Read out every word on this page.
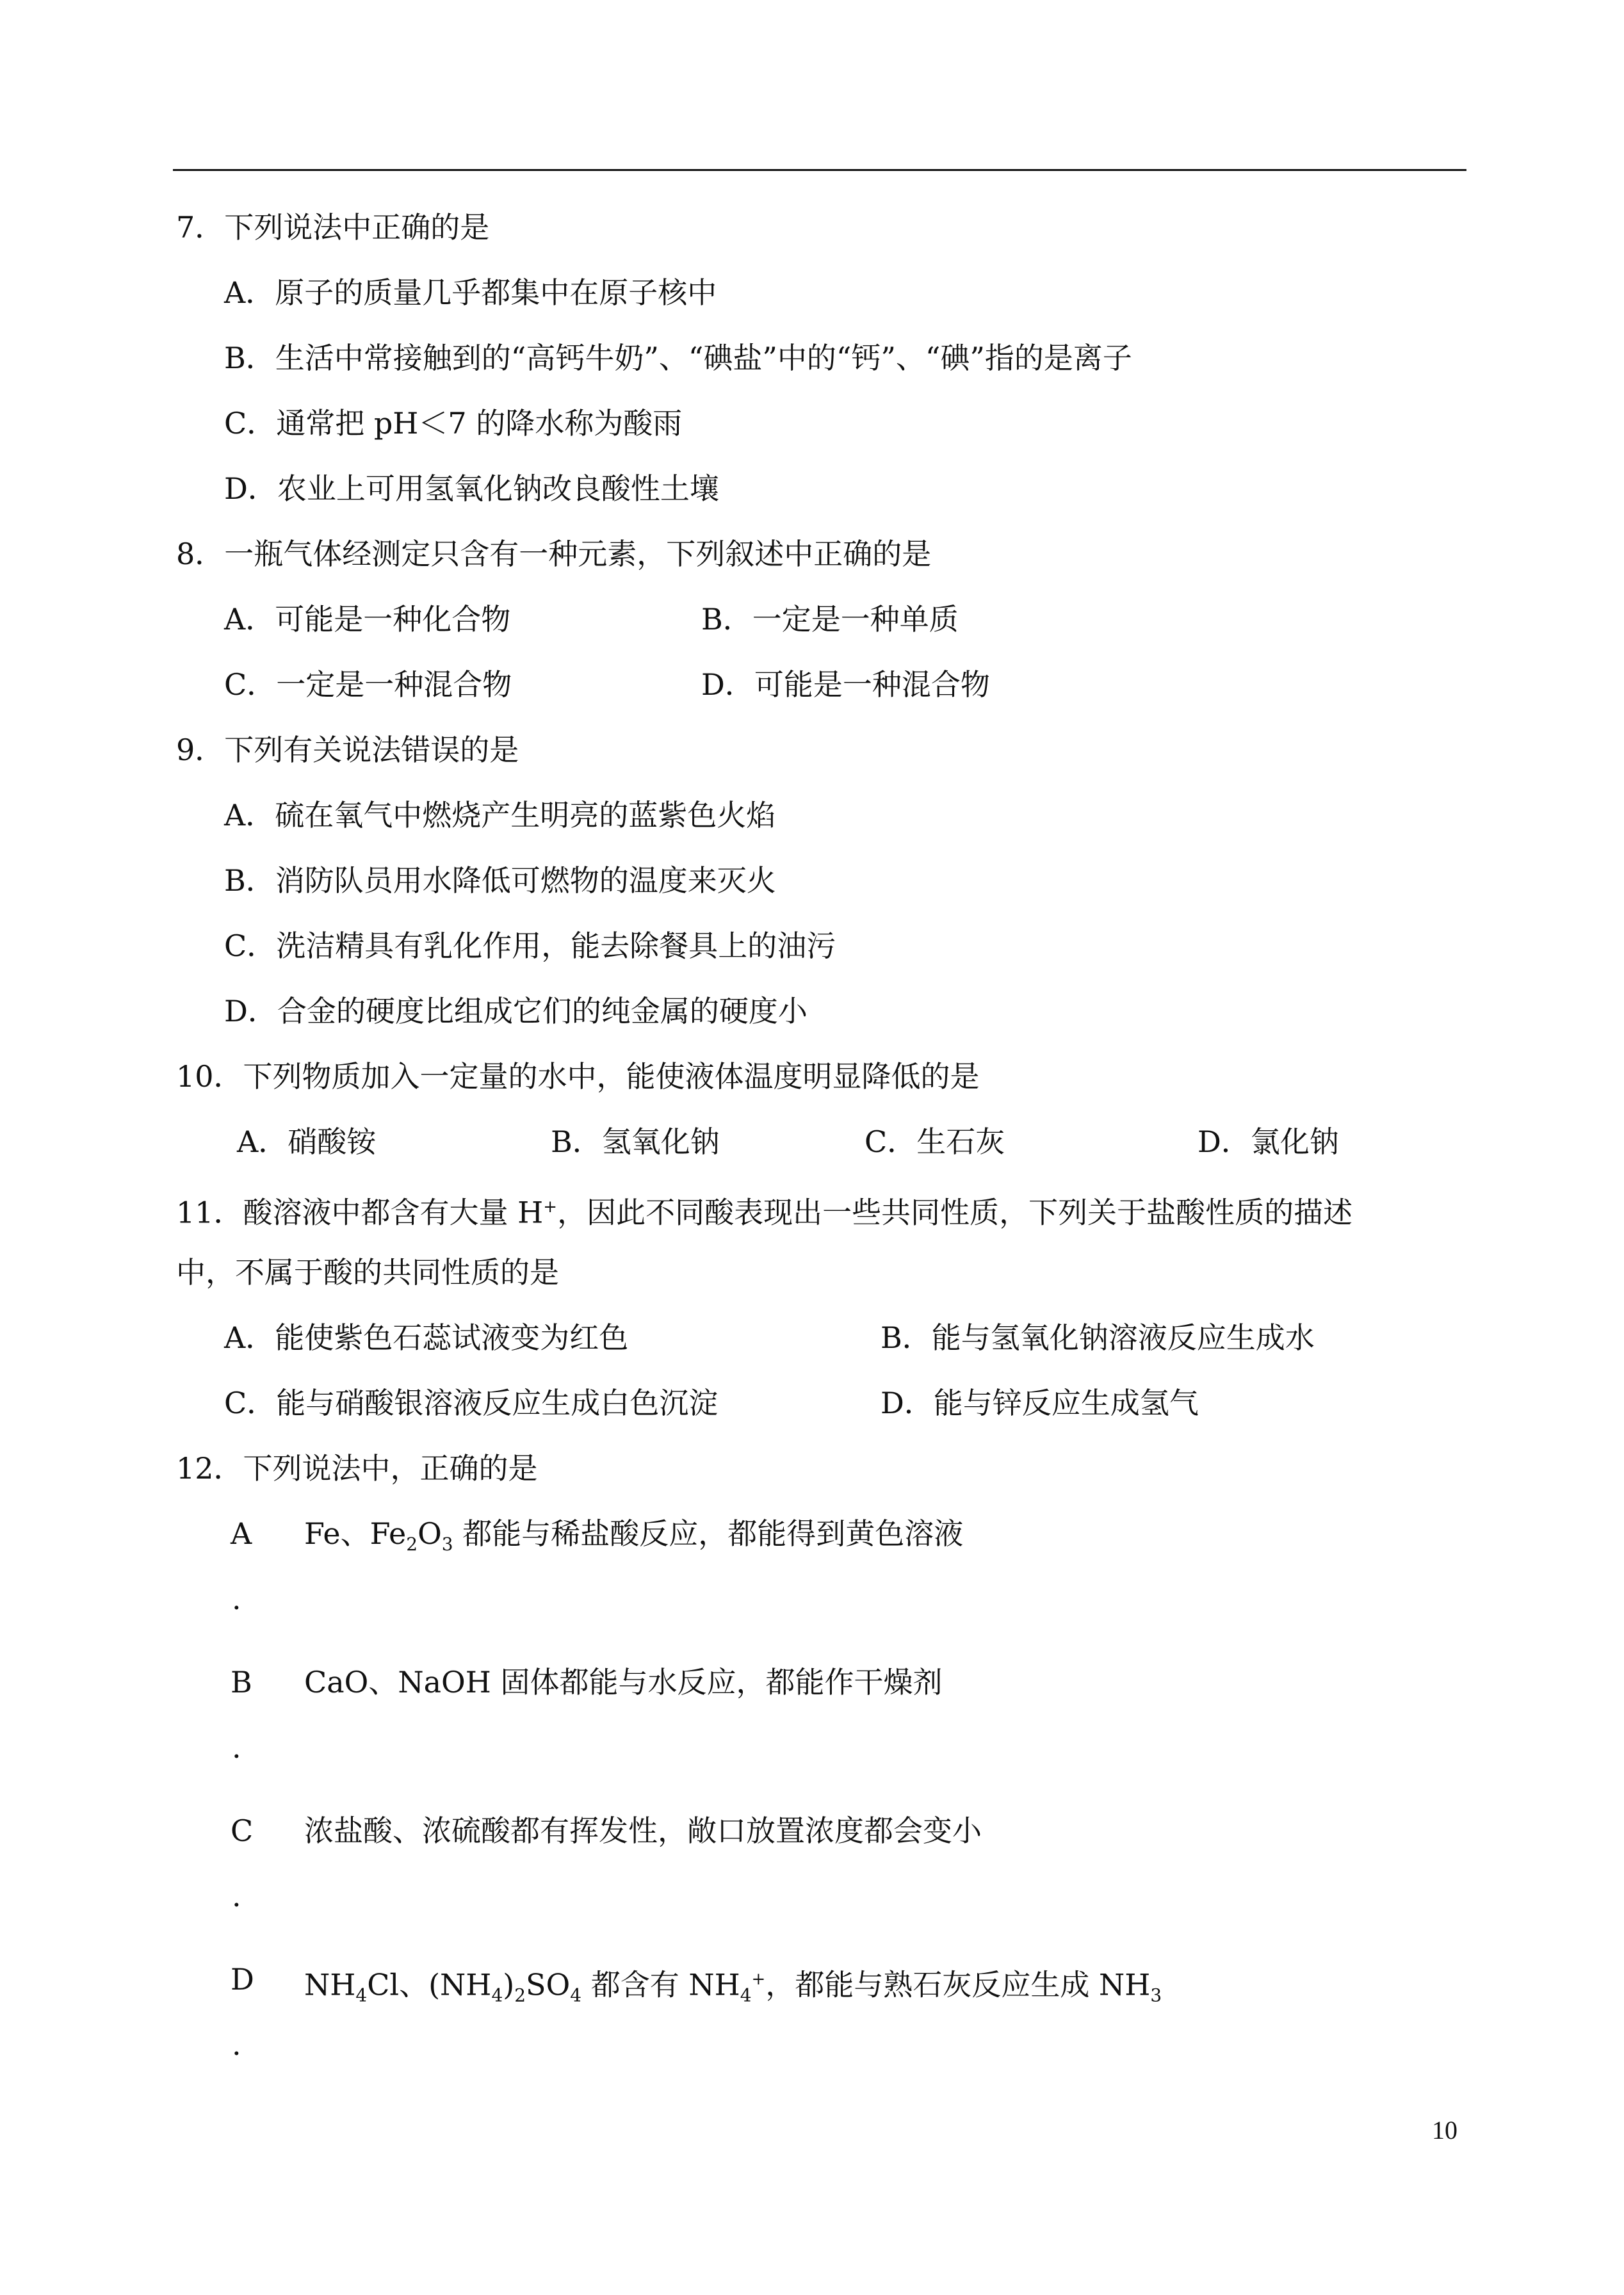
7．下列说法中正确的是
A．原子的质量几乎都集中在原子核中
B．生活中常接触到的“高钙牛奶”、“碘盐”中的“钙”、“碘”指的是离子
C．通常把 pH＜7 的降水称为酸雨
D．农业上可用氢氧化钠改良酸性土壤
8．一瓶气体经测定只含有一种元素，下列叙述中正确的是
A．可能是一种化合物	B．一定是一种单质
C．一定是一种混合物	D．可能是一种混合物
9．下列有关说法错误的是
A．硫在氧气中燃烧产生明亮的蓝紫色火焰
B．消防队员用水降低可燃物的温度来灭火
C．洗洁精具有乳化作用，能去除餐具上的油污
D．合金的硬度比组成它们的纯金属的硬度小
10．下列物质加入一定量的水中，能使液体温度明显降低的是
A．硝酸铵	B．氢氧化钠	C．生石灰	D．氯化钠
11．酸溶液中都含有大量 H+，因此不同酸表现出一些共同性质，下列关于盐酸性质的描述
中，不属于酸的共同性质的是
A．能使紫色石蕊试液变为红色	B．能与氢氧化钠溶液反应生成水
C．能与硝酸银溶液反应生成白色沉淀	D．能与锌反应生成氢气
12．下列说法中，正确的是
A Fe、$Fe_2O_3$ 都能与稀盐酸反应，都能得到黄色溶液
.
B CaO、NaOH 固体都能与水反应，都能作干燥剂
.
C 浓盐酸、浓硫酸都有挥发性，敞口放置浓度都会变小
.
D $NH_4Cl$、$(NH_4)_2SO_4$ 都含有 $NH_4^+$，都能与熟石灰反应生成 $NH_3$
.
10
